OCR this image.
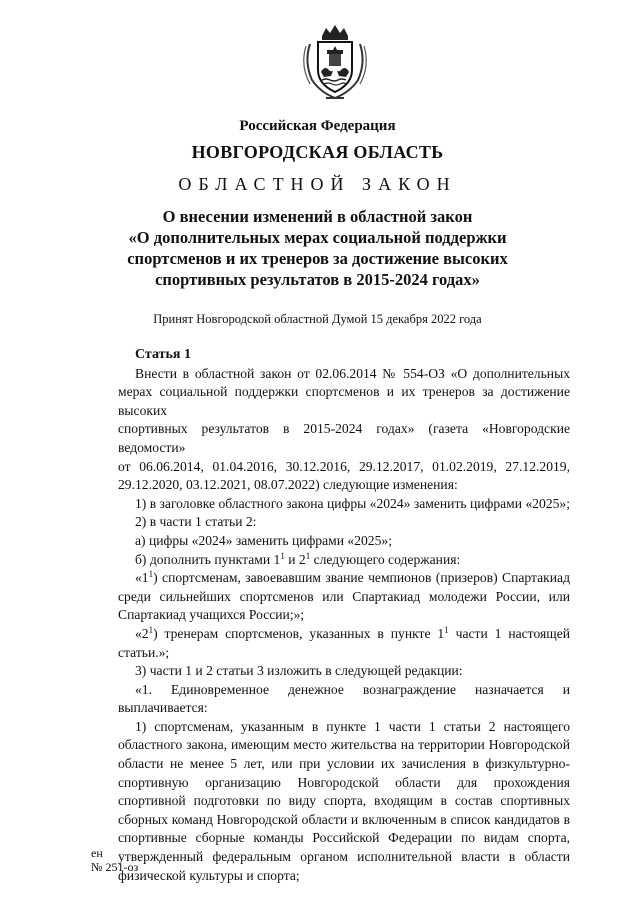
Российская Федерация
НОВГОРОДСКАЯ ОБЛАСТЬ
ОБЛАСТНОЙ ЗАКОН
О внесении изменений в областной закон
«О дополнительных мерах социальной поддержки
спортсменов и их тренеров за достижение высоких
спортивных результатов в 2015-2024 годах»
Принят Новгородской областной Думой 15 декабря 2022 года
Статья 1
Внести в областной закон от 02.06.2014 № 554-ОЗ «О дополнительных
мерах социальной поддержки спортсменов и их тренеров за достижение высоких
спортивных результатов в 2015-2024 годах» (газета «Новгородские ведомости»
от 06.06.2014, 01.04.2016, 30.12.2016, 29.12.2017, 01.02.2019, 27.12.2019,
29.12.2020, 03.12.2021, 08.07.2022) следующие изменения:
1) в заголовке областного закона цифры «2024» заменить цифрами «2025»;
2) в части 1 статьи 2:
а) цифры «2024» заменить цифрами «2025»;
б) дополнить пунктами $1^1$ и $2^1$ следующего содержания:
«$1^1$) спортсменам, завоевавшим звание чемпионов (призеров) Спартакиад среди сильнейших спортсменов или Спартакиад молодежи России, или Спартакиад учащихся России;»;
«$2^1$) тренерам спортсменов, указанных в пункте $1^1$ части 1 настоящей статьи.»;
3) части 1 и 2 статьи 3 изложить в следующей редакции:
«1. Единовременное денежное вознаграждение назначается и выплачивается:
1) спортсменам, указанным в пункте 1 части 1 статьи 2 настоящего областного закона, имеющим место жительства на территории Новгородской области не менее 5 лет, или при условии их зачисления в физкультурно-спортивную организацию Новгородской области для прохождения спортивной подготовки по виду спорта, входящим в состав спортивных сборных команд Новгородской области и включенным в список кандидатов в спортивные сборные команды Российской Федерации по видам спорта, утвержденный федеральным органом исполнительной власти в области физической культуры и спорта;
ен
№ 251-оз
